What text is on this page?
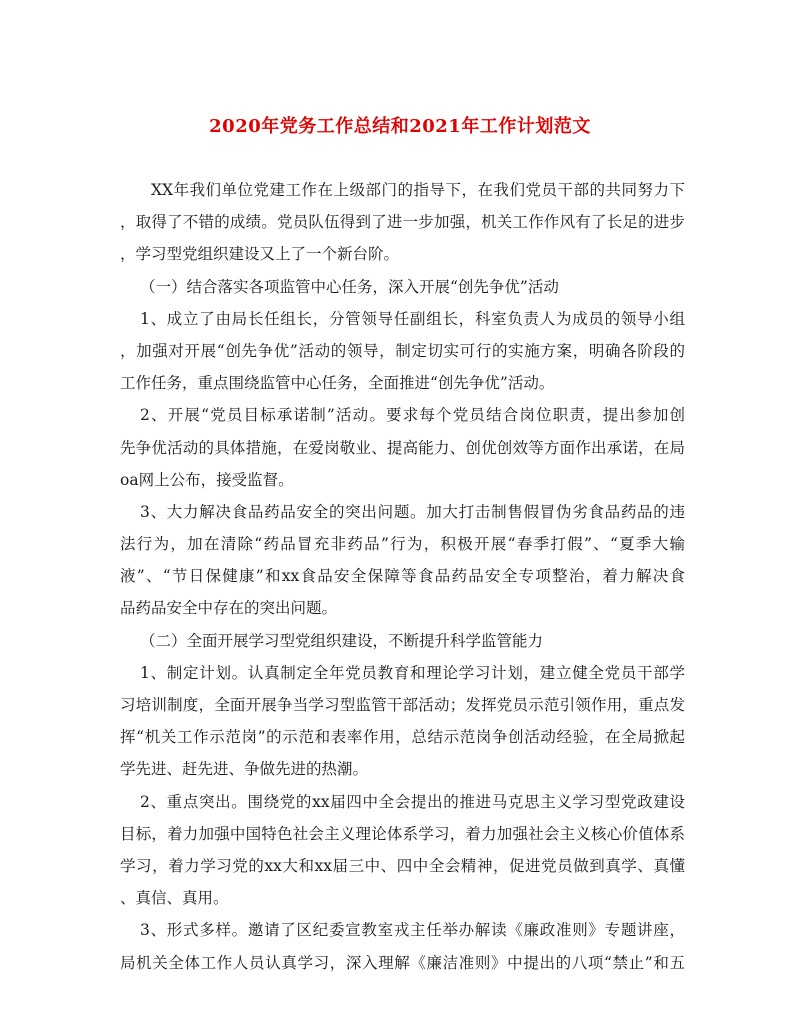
2020年党务工作总结和2021年工作计划范文
XX年我们单位党建工作在上级部门的指导下，在我们党员干部的共同努力下
，取得了不错的成绩。党员队伍得到了进一步加强，机关工作作风有了长足的进步
，学习型党组织建设又上了一个新台阶。
（一）结合落实各项监管中心任务，深入开展“创先争优”活动
1、成立了由局长任组长，分管领导任副组长，科室负责人为成员的领导小组
，加强对开展“创先争优”活动的领导，制定切实可行的实施方案，明确各阶段的
工作任务，重点围绕监管中心任务，全面推进“创先争优”活动。
2、开展“党员目标承诺制”活动。要求每个党员结合岗位职责，提出参加创
先争优活动的具体措施，在爱岗敬业、提高能力、创优创效等方面作出承诺，在局
oa网上公布，接受监督。
3、大力解决食品药品安全的突出问题。加大打击制售假冒伪劣食品药品的违
法行为，加在清除“药品冒充非药品”行为，积极开展“春季打假”、“夏季大输
液”、“节日保健康”和xx食品安全保障等食品药品安全专项整治，着力解决食
品药品安全中存在的突出问题。
（二）全面开展学习型党组织建设，不断提升科学监管能力
1、制定计划。认真制定全年党员教育和理论学习计划，建立健全党员干部学
习培训制度，全面开展争当学习型监管干部活动；发挥党员示范引领作用，重点发
挥“机关工作示范岗”的示范和表率作用，总结示范岗争创活动经验，在全局掀起
学先进、赶先进、争做先进的热潮。
2、重点突出。围绕党的xx届四中全会提出的推进马克思主义学习型党政建设
目标，着力加强中国特色社会主义理论体系学习，着力加强社会主义核心价值体系
学习，着力学习党的xx大和xx届三中、四中全会精神，促进党员做到真学、真懂
、真信、真用。
3、形式多样。邀请了区纪委宣教室戎主任举办解读《廉政准则》专题讲座，
局机关全体工作人员认真学习，深入理解《廉洁准则》中提出的八项“禁止”和五
